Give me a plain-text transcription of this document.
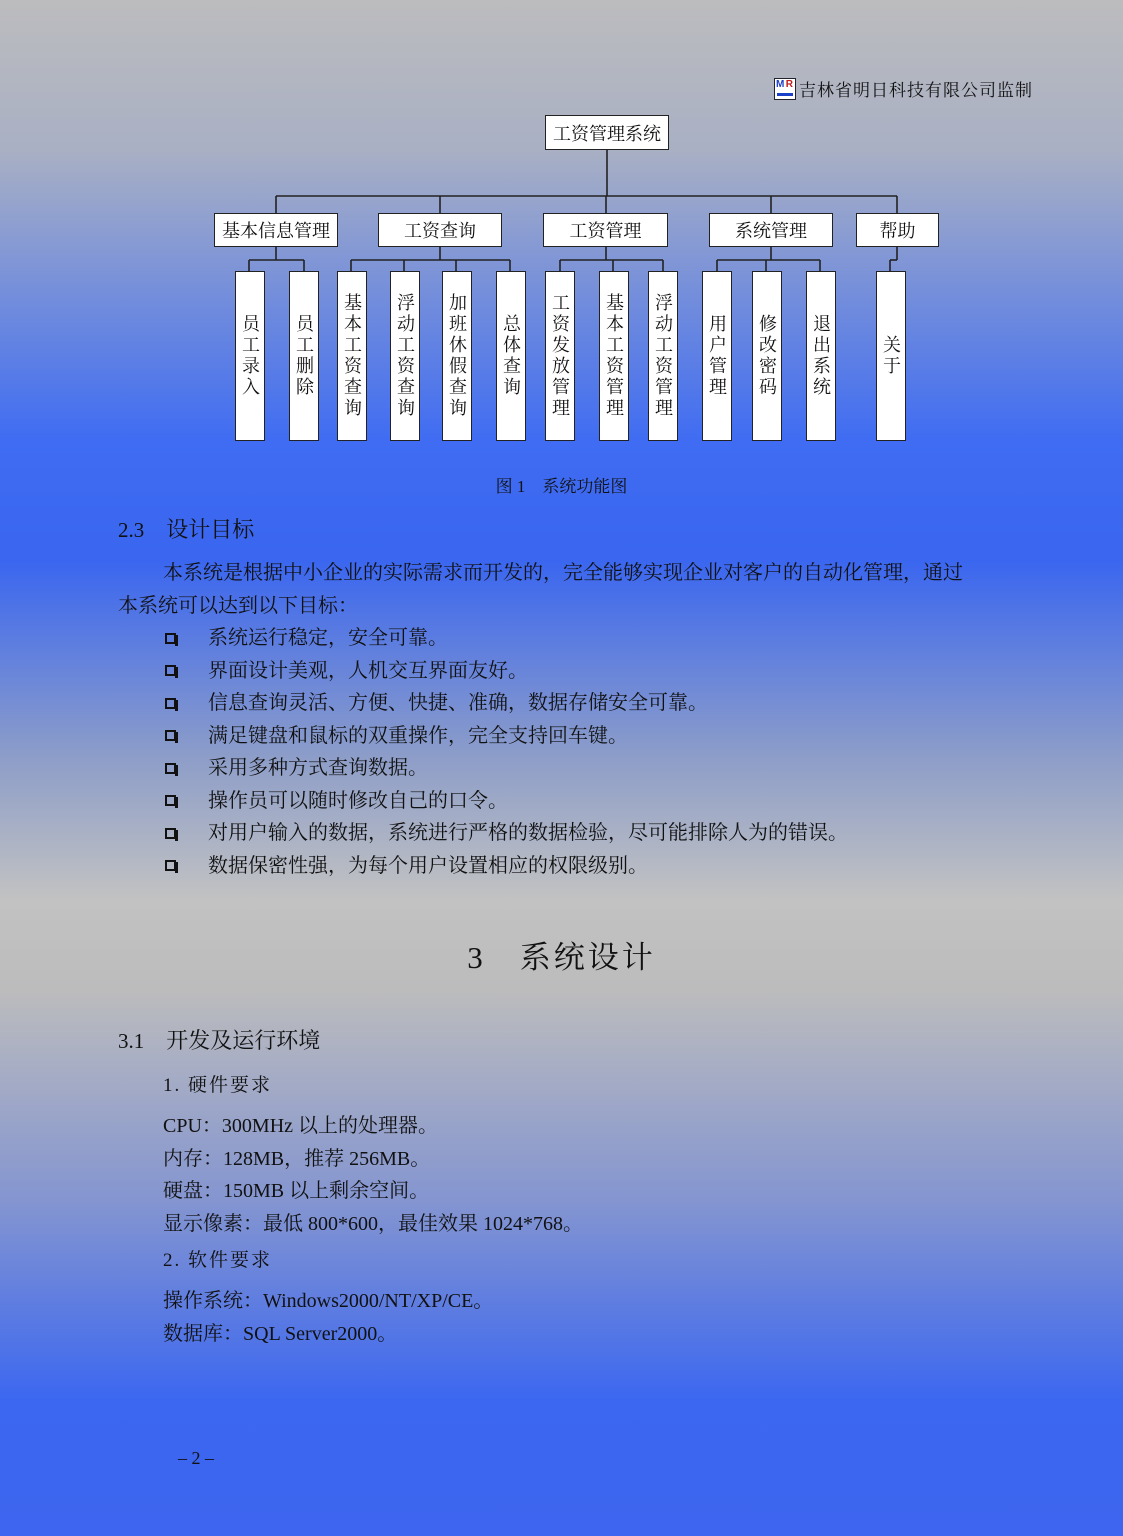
M R 吉林省明日科技有限公司监制
工资管理系统
基本信息管理	工资查询	工资管理	系统管理	帮助
员工录入 员工删除 基本工资查询 浮动工资查询 加班休假查询 总体查询 工资发放管理 基本工资管理 浮动工资管理 用户管理 修改密码 退出系统	关于
图 1　系统功能图
2.3 设计目标
本系统是根据中小企业的实际需求而开发的，完全能够实现企业对客户的自动化管理，通过
本系统可以达到以下目标：
系统运行稳定，安全可靠。
界面设计美观，人机交互界面友好。
信息查询灵活、方便、快捷、准确，数据存储安全可靠。
满足键盘和鼠标的双重操作，完全支持回车键。
采用多种方式查询数据。
操作员可以随时修改自己的口令。
对用户输入的数据，系统进行严格的数据检验，尽可能排除人为的错误。
数据保密性强，为每个用户设置相应的权限级别。
3 系统设计
3.1 开发及运行环境
1. 硬件要求
CPU：300MHz 以上的处理器。
内存：128MB，推荐 256MB。
硬盘：150MB 以上剩余空间。
显示像素：最低 800*600，最佳效果 1024*768。
2. 软件要求
操作系统：Windows2000/NT/XP/CE。
数据库：SQL Server2000。
– 2 –
